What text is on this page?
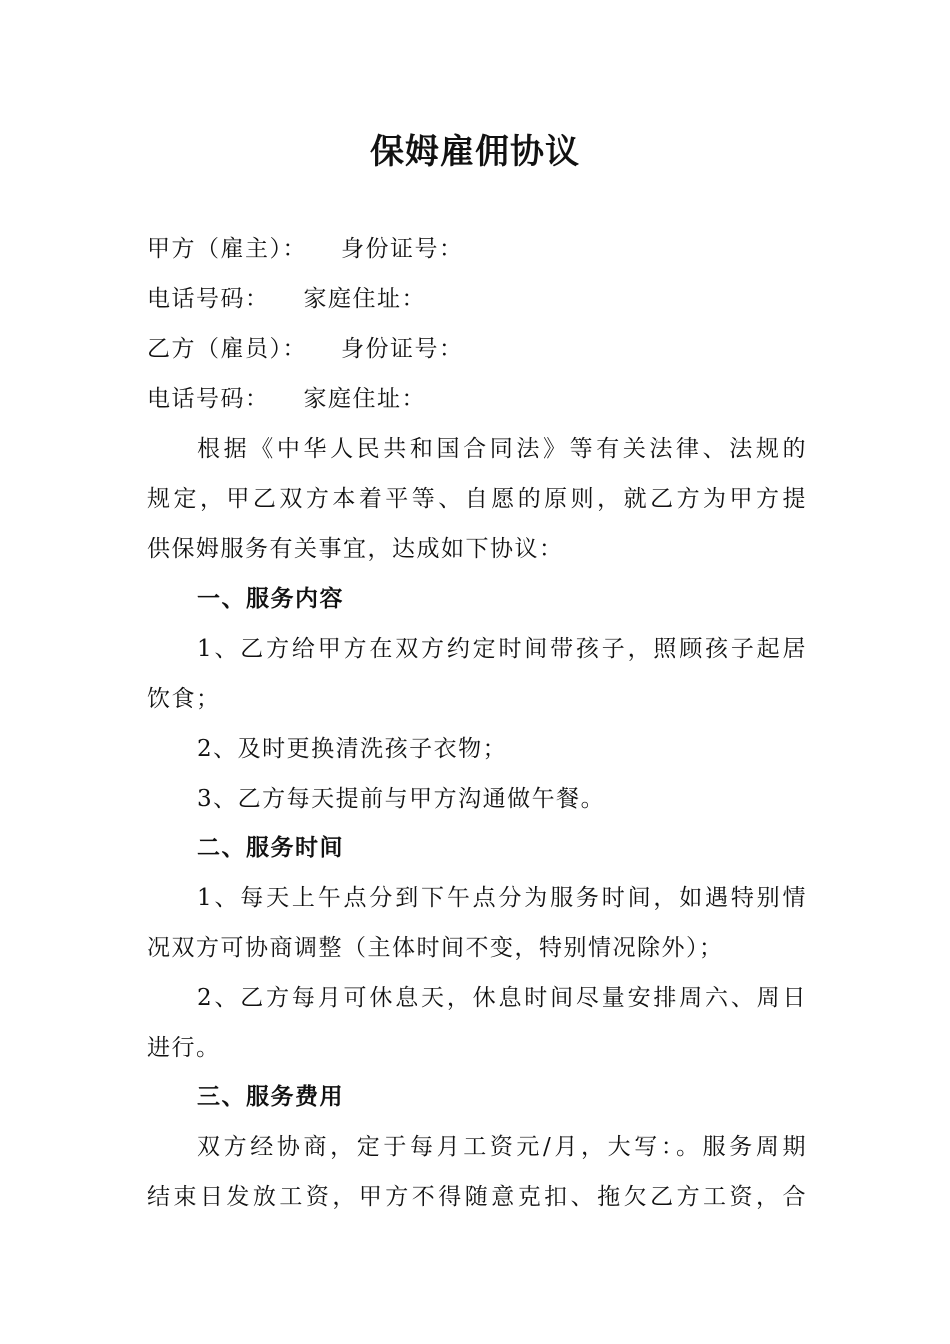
保姆雇佣协议
甲方（雇主）： 身份证号：
电话号码： 家庭住址：
乙方（雇员）： 身份证号：
电话号码： 家庭住址：
根据《中华人民共和国合同法》等有关法律、法规的
规定，甲乙双方本着平等、自愿的原则，就乙方为甲方提
供保姆服务有关事宜，达成如下协议：
一、服务内容
1、乙方给甲方在双方约定时间带孩子，照顾孩子起居
饮食；
2、及时更换清洗孩子衣物；
3、乙方每天提前与甲方沟通做午餐。
二、服务时间
1、每天上午点分到下午点分为服务时间，如遇特别情
况双方可协商调整（主体时间不变，特别情况除外）；
2、乙方每月可休息天，休息时间尽量安排周六、周日
进行。
三、服务费用
双方经协商，定于每月工资元/月，大写：。服务周期
结束日发放工资，甲方不得随意克扣、拖欠乙方工资，合
